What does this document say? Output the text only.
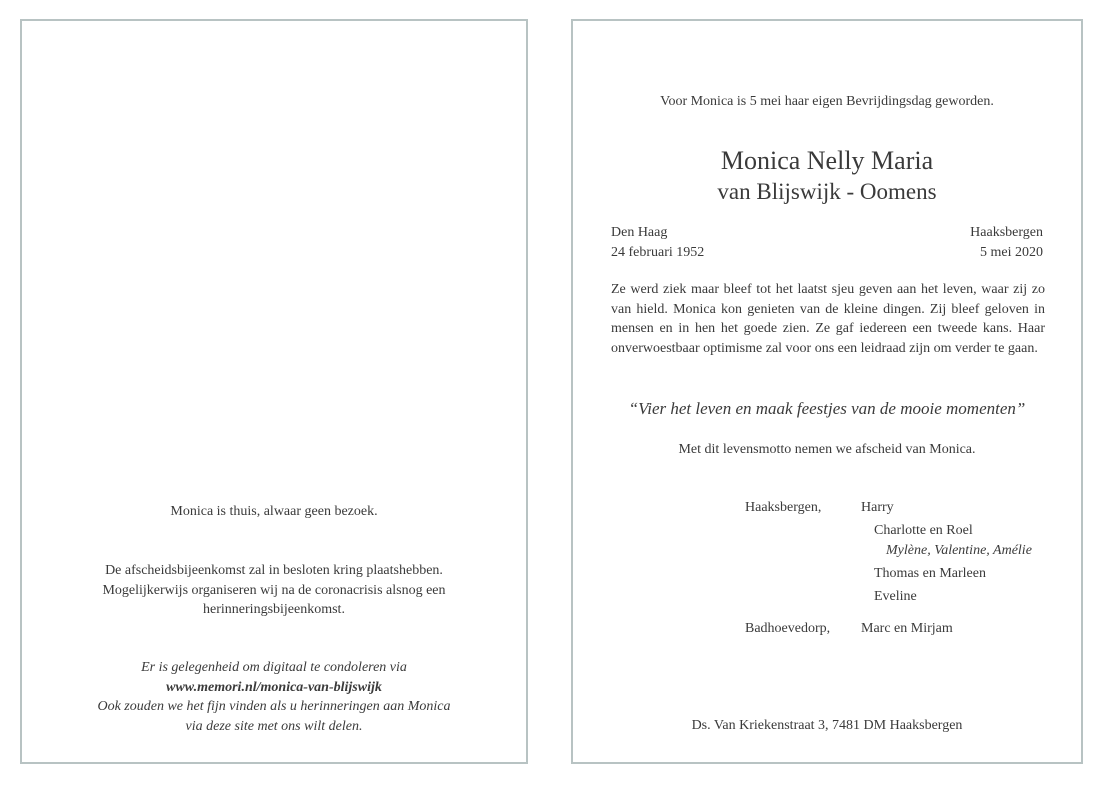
Monica is thuis, alwaar geen bezoek.
De afscheidsbijeenkomst zal in besloten kring plaatshebben.
Mogelijkerwijs organiseren wij na de coronacrisis alsnog een
herinneringsbijeenkomst.
Er is gelegenheid om digitaal te condoleren via
www.memori.nl/monica-van-blijswijk
Ook zouden we het fijn vinden als u herinneringen aan Monica
via deze site met ons wilt delen.
Voor Monica is 5 mei haar eigen Bevrijdingsdag geworden.
Monica Nelly Maria
van Blijswijk - Oomens
Den Haag
24 februari 1952
Haaksbergen
5 mei 2020
Ze werd ziek maar bleef tot het laatst sjeu geven aan het leven, waar zij zo van hield. Monica kon genieten van de kleine dingen. Zij bleef geloven in mensen en in hen het goede zien. Ze gaf iedereen een tweede kans. Haar onverwoestbaar optimisme zal voor ons een leidraad zijn om verder te gaan.
“Vier het leven en maak feestjes van de mooie momenten”
Met dit levensmotto nemen we afscheid van Monica.
Haaksbergen,	Harry
Charlotte en Roel
Mylène, Valentine, Amélie
Thomas en Marleen
Eveline
Badhoevedorp, Marc en Mirjam
Ds. Van Kriekenstraat 3, 7481 DM Haaksbergen
